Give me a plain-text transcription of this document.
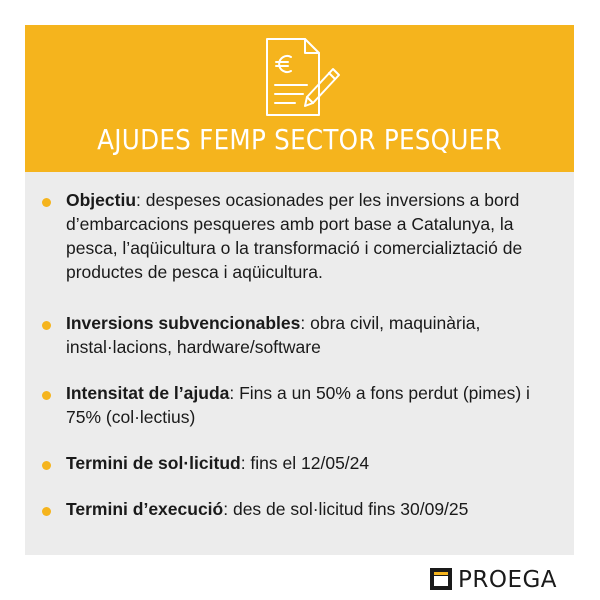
AJUDES FEMP SECTOR PESQUER
Objectiu: despeses ocasionades per les inversions a bord d’embarcacions pesqueres amb port base a Catalunya, la pesca, l’aqüicultura o la transformació i comercializtació de productes de pesca i aqüicultura.
Inversions subvencionables: obra civil, maquinària, instal·lacions, hardware/software
Intensitat de l’ajuda: Fins a un 50% a fons perdut (pimes) i 75% (col·lectius)
Termini de sol·licitud: fins el 12/05/24
Termini d’execució: des de sol·licitud fins 30/09/25
PROEGA
